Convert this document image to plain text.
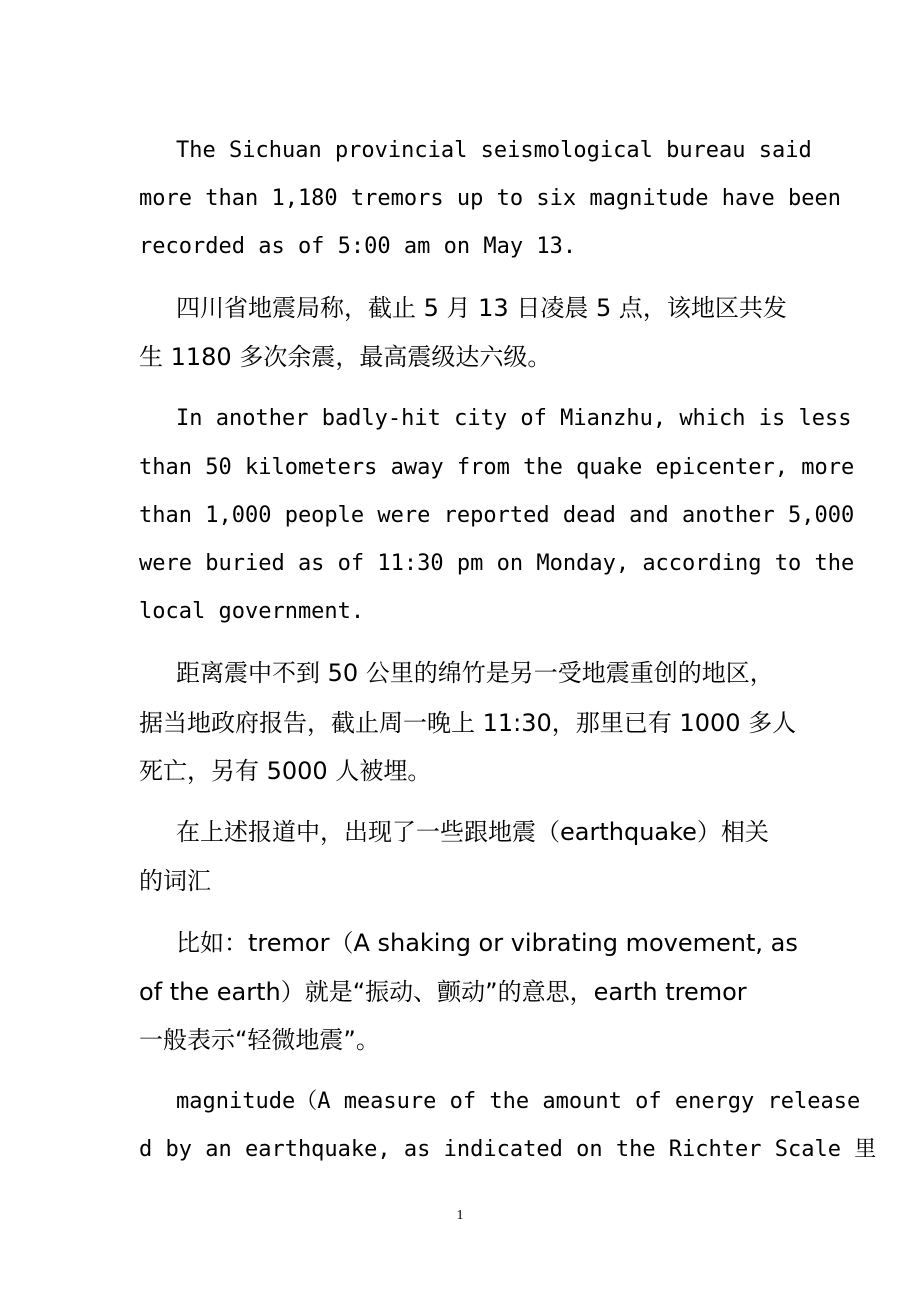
The Sichuan provincial seismological bureau said
more than 1,180 tremors up to six magnitude have been
recorded as of 5:00 am on May 13.
四川省地震局称，截止 5 月 13 日凌晨 5 点，该地区共发
生 1180 多次余震，最高震级达六级。
In another badly-hit city of Mianzhu, which is less
than 50 kilometers away from the quake epicenter, more
than 1,000 people were reported dead and another 5,000
were buried as of 11:30 pm on Monday, according to the
local government.
距离震中不到 50 公里的绵竹是另一受地震重创的地区，
据当地政府报告，截止周一晚上 11:30，那里已有 1000 多人
死亡，另有 5000 人被埋。
在上述报道中，出现了一些跟地震（earthquake）相关
的词汇
比如：tremor（A shaking or vibrating movement, as
of the earth）就是“振动、颤动”的意思，earth tremor
一般表示“轻微地震”。
magnitude（A measure of the amount of energy release
d by an earthquake, as indicated on the Richter Scale 里
1
